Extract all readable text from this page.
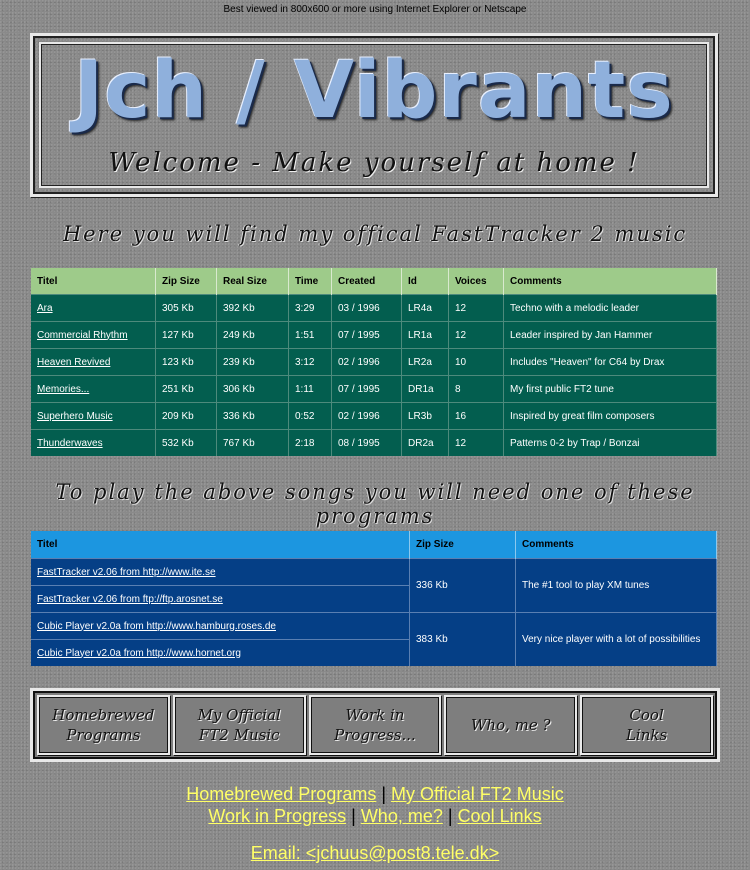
Best viewed in 800x600 or more using Internet Explorer or Netscape
Jch / Vibrants
Welcome - Make yourself at home !
Here you will find my offical FastTracker 2 music
Titel	Zip Size	Real Size	Time	Created	Id	Voices	Comments
Ara	305 Kb	392 Kb	3:29	03 / 1996	LR4a	12	Techno with a melodic leader
Commercial Rhythm	127 Kb	249 Kb	1:51	07 / 1995	LR1a	12	Leader inspired by Jan Hammer
Heaven Revived	123 Kb	239 Kb	3:12	02 / 1996	LR2a	10	Includes "Heaven" for C64 by Drax
Memories...	251 Kb	306 Kb	1:11	07 / 1995	DR1a	8	My first public FT2 tune
Superhero Music	209 Kb	336 Kb	0:52	02 / 1996	LR3b	16	Inspired by great film composers
Thunderwaves	532 Kb	767 Kb	2:18	08 / 1995	DR2a	12	Patterns 0-2 by Trap / Bonzai
To play the above songs you will need one of these programs
Titel	Zip Size	Comments
FastTracker v2.06 from http://www.ite.se	336 Kb	The #1 tool to play XM tunes
FastTracker v2.06 from ftp://ftp.arosnet.se		
Cubic Player v2.0a from http://www.hamburg.roses.de	383 Kb	Very nice player with a lot of possibilities
Cubic Player v2.0a from http://www.hornet.org		
Homebrewed
Programs
My Official
FT2 Music
Work in
Progress...
Who, me ?
Cool
Links
Homebrewed Programs | My Official FT2 Music
Work in Progress | Who, me? | Cool Links
Email: <jchuus@post8.tele.dk>
